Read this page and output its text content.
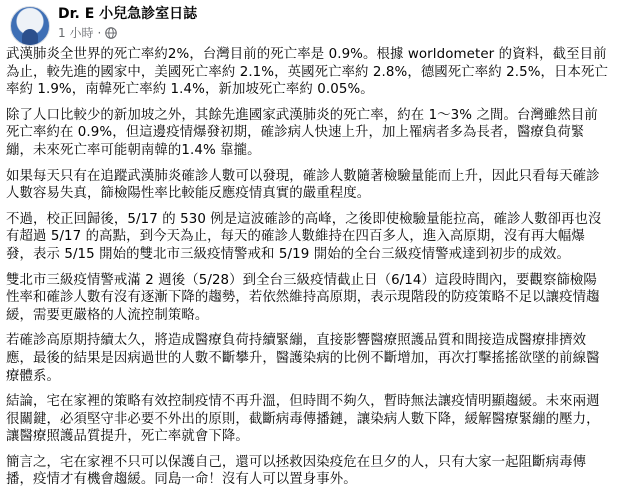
Dr. E 小兒急診室日誌
1 小時 ·

武漢肺炎全世界的死亡率約2%，台灣目前的死亡率是 0.9%。根據 worldometer 的資料，截至目前為止，較先進的國家中，美國死亡率約 2.1%，英國死亡率約 2.8%，德國死亡率約 2.5%，日本死亡率約 1.9%，南韓死亡率約 1.4%，新加坡死亡率約 0.05%。

除了人口比較少的新加坡之外，其餘先進國家武漢肺炎的死亡率，約在 1～3% 之間。台灣雖然目前死亡率約在 0.9%，但這邊疫情爆發初期，確診病人快速上升，加上罹病者多為長者，醫療負荷緊繃，未來死亡率可能朝南韓的1.4% 靠攏。

如果每天只有在追蹤武漢肺炎確診人數可以發現，確診人數隨著檢驗量能而上升，因此只看每天確診人數容易失真，篩檢陽性率比較能反應疫情真實的嚴重程度。

不過，校正回歸後，5/17 的 530 例是這波確診的高峰，之後即使檢驗量能拉高，確診人數卻再也沒有超過 5/17 的高點，到今天為止，每天的確診人數維持在四百多人，進入高原期，沒有再大幅爆發，表示 5/15 開始的雙北市三級疫情警戒和 5/19 開始的全台三級疫情警戒達到初步的成效。

雙北市三級疫情警戒滿 2 週後（5/28）到全台三級疫情截止日（6/14）這段時間內，要觀察篩檢陽性率和確診人數有沒有逐漸下降的趨勢，若依然維持高原期，表示現階段的防疫策略不足以讓疫情趨緩，需要更嚴格的人流控制策略。

若確診高原期持續太久，將造成醫療負荷持續緊繃，直接影響醫療照護品質和間接造成醫療排擠效應，最後的結果是因病過世的人數不斷攀升，醫護染病的比例不斷增加，再次打擊搖搖欲墜的前線醫療體系。

結論，宅在家裡的策略有效控制疫情不再升溫，但時間不夠久，暫時無法讓疫情明顯趨緩。未來兩週很關鍵，必須堅守非必要不外出的原則，截斷病毒傳播鏈，讓染病人數下降，緩解醫療緊繃的壓力，讓醫療照護品質提升，死亡率就會下降。

簡言之，宅在家裡不只可以保護自己，還可以拯救因染疫危在旦夕的人，只有大家一起阻斷病毒傳播，疫情才有機會趨緩。同島一命！沒有人可以置身事外。
